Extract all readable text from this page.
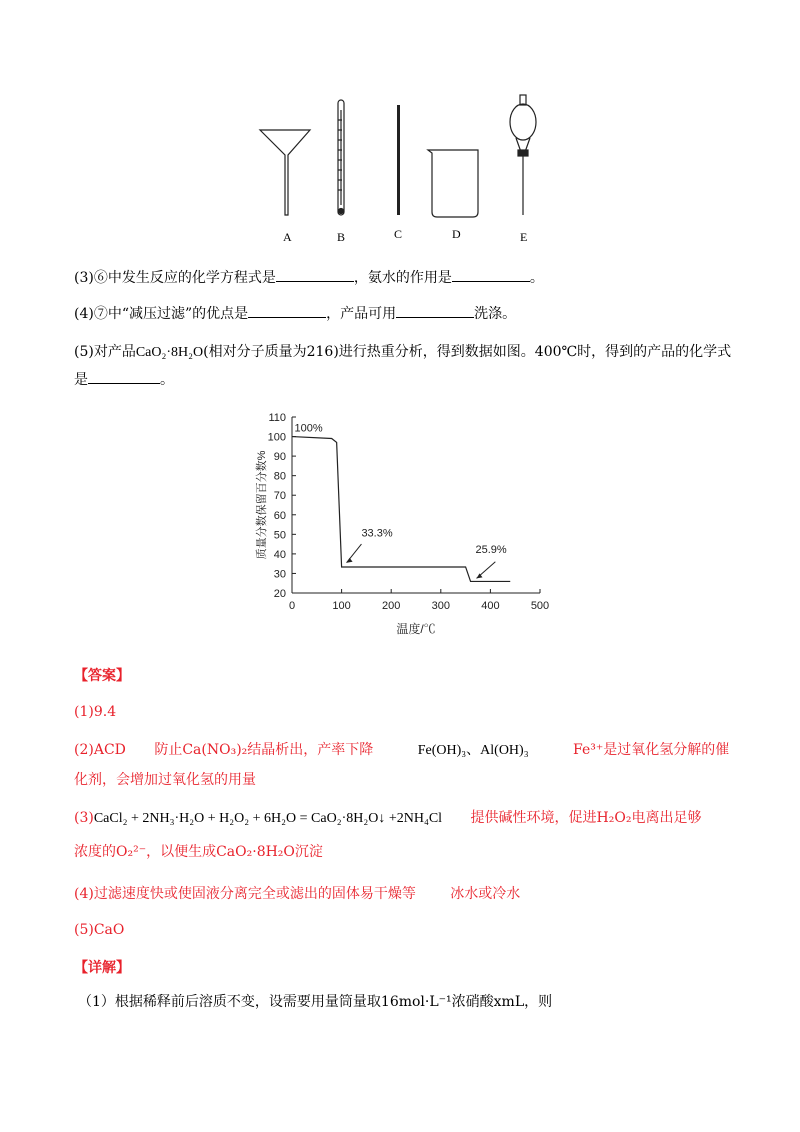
A	B	C	D	E
(3)⑥中发生反应的化学方程式是	，氨水的作用是	。
(4)⑦中“减压过滤”的优点是	，产品可用	洗涤。
(5)对产品CaO₂·8H₂O(相对分子质量为216)进行热重分析，得到数据如图。400℃时，得到的产品的化学式
是	。
20
30
40
50
60
70
80
90
100
110
0	100	200	300	400	500
100%
33.3%
25.9%
温度/℃
质量分数保留百分数%
【答案】
(1)9.4
(2)ACD 防止Ca(NO₃)₂结晶析出，产率下降	Fe(OH)₃、Al(OH)₃	Fe³⁺是过氧化氢分解的催
化剂，会增加过氧化氢的用量
(3)CaCl₂ + 2NH₃·H₂O + H₂O₂ + 6H₂O = CaO₂·8H₂O↓ +2NH₄Cl 提供碱性环境，促进H₂O₂电离出足够
浓度的O₂²⁻，以便生成CaO₂·8H₂O沉淀
(4)过滤速度快或使固液分离完全或滤出的固体易干燥等 冰水或冷水
(5)CaO
【详解】
（1）根据稀释前后溶质不变，设需要用量筒量取16mol·L⁻¹浓硝酸xmL，则
